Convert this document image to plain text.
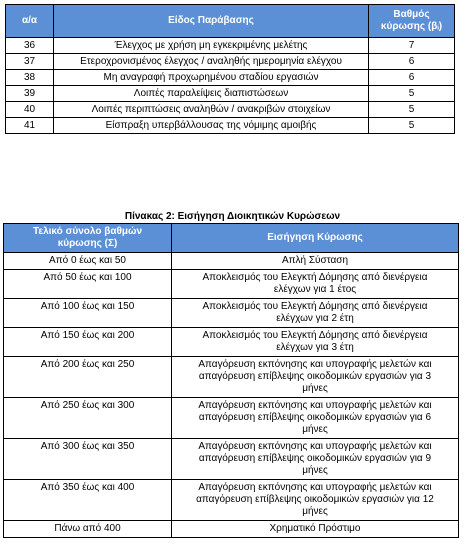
α/α	Είδος Παράβασης	Βαθμός
κύρωσης (βᵢ)

36	Έλεγχος με χρήση μη εγκεκριμένης μελέτης	7
37	Ετεροχρονισμένος έλεγχος / αναληθής ημερομηνία ελέγχου	6
38	Μη αναγραφή προχωρημένου σταδίου εργασιών	6
39	Λοιπές παραλείψεις διαπιστώσεων	5
40	Λοιπές περιπτώσεις αναληθών / ανακριβών στοιχείων	5
41	Είσπραξη υπερβάλλουσας της νόμιμης αμοιβής	5
Πίνακας 2: Εισήγηση Διοικητικών Κυρώσεων
Τελικό σύνολο βαθμών
κύρωσης (Σ)	Εισήγηση Κύρωσης
Από 0 έως και 50	Απλή Σύσταση

Από 50 έως και 100	Αποκλεισμός του Ελεγκτή Δόμησης από διενέργεια
ελέγχων για 1 έτος

Από 100 έως και 150	Αποκλεισμός του Ελεγκτή Δόμησης από διενέργεια
ελέγχων για 2 έτη

Από 150 έως και 200	Αποκλεισμός του Ελεγκτή Δόμησης από διενέργεια
ελέγχων για 3 έτη

Από 200 έως και 250	Απαγόρευση εκπόνησης και υπογραφής μελετών και
απαγόρευση επίβλεψης οικοδομικών εργασιών για 3
μήνες

Από 250 έως και 300	Απαγόρευση εκπόνησης και υπογραφής μελετών και
απαγόρευση επίβλεψης οικοδομικών εργασιών για 6
μήνες

Από 300 έως και 350	Απαγόρευση εκπόνησης και υπογραφής μελετών και
απαγόρευση επίβλεψης οικοδομικών εργασιών για 9
μήνες

Από 350 έως και 400	Απαγόρευση εκπόνησης και υπογραφής μελετών και
απαγόρευση επίβλεψης οικοδομικών εργασιών για 12
μήνες

Πάνω από 400	Χρηματικό Πρόστιμο
